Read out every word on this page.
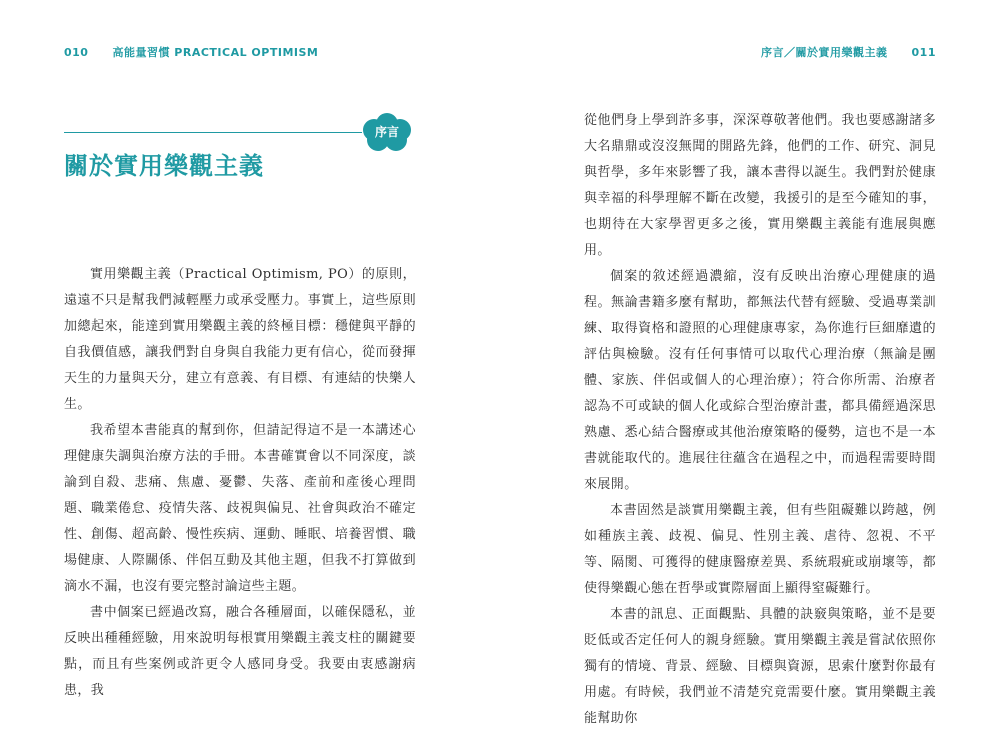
010 高能量習慣 PRACTICAL OPTIMISM	序言／關於實用樂觀主義 011
序言
關於實用樂觀主義

實用樂觀主義（Practical Optimism, PO）的原則，遠遠不只是幫我們減輕壓力或承受壓力。事實上，這些原則加總起來，能達到實用樂觀主義的終極目標：穩健與平靜的自我價值感，讓我們對自身與自我能力更有信心，從而發揮天生的力量與天分，建立有意義、有目標、有連結的快樂人生。

我希望本書能真的幫到你，但請記得這不是一本講述心理健康失調與治療方法的手冊。本書確實會以不同深度，談論到自殺、悲痛、焦慮、憂鬱、失落、產前和產後心理問題、職業倦怠、疫情失落、歧視與偏見、社會與政治不確定性、創傷、超高齡、慢性疾病、運動、睡眠、培養習慣、職場健康、人際關係、伴侶互動及其他主題，但我不打算做到滴水不漏，也沒有要完整討論這些主題。

書中個案已經過改寫，融合各種層面，以確保隱私，並反映出種種經驗，用來說明每根實用樂觀主義支柱的關鍵要點，而且有些案例或許更令人感同身受。我要由衷感謝病患，我

從他們身上學到許多事，深深尊敬著他們。我也要感謝諸多大名鼎鼎或沒沒無聞的開路先鋒，他們的工作、研究、洞見與哲學，多年來影響了我，讓本書得以誕生。我們對於健康與幸福的科學理解不斷在改變，我援引的是至今確知的事，也期待在大家學習更多之後，實用樂觀主義能有進展與應用。

個案的敘述經過濃縮，沒有反映出治療心理健康的過程。無論書籍多麼有幫助，都無法代替有經驗、受過專業訓練、取得資格和證照的心理健康專家，為你進行巨細靡遺的評估與檢驗。沒有任何事情可以取代心理治療（無論是團體、家族、伴侶或個人的心理治療）；符合你所需、治療者認為不可或缺的個人化或綜合型治療計畫，都具備經過深思熟慮、悉心結合醫療或其他治療策略的優勢，這也不是一本書就能取代的。進展往往蘊含在過程之中，而過程需要時間來展開。

本書固然是談實用樂觀主義，但有些阻礙難以跨越，例如種族主義、歧視、偏見、性別主義、虐待、忽視、不平等、隔閡、可獲得的健康醫療差異、系統瑕疵或崩壞等，都使得樂觀心態在哲學或實際層面上顯得窒礙難行。

本書的訊息、正面觀點、具體的訣竅與策略，並不是要貶低或否定任何人的親身經驗。實用樂觀主義是嘗試依照你獨有的情境、背景、經驗、目標與資源，思索什麼對你最有用處。有時候，我們並不清楚究竟需要什麼。實用樂觀主義能幫助你
